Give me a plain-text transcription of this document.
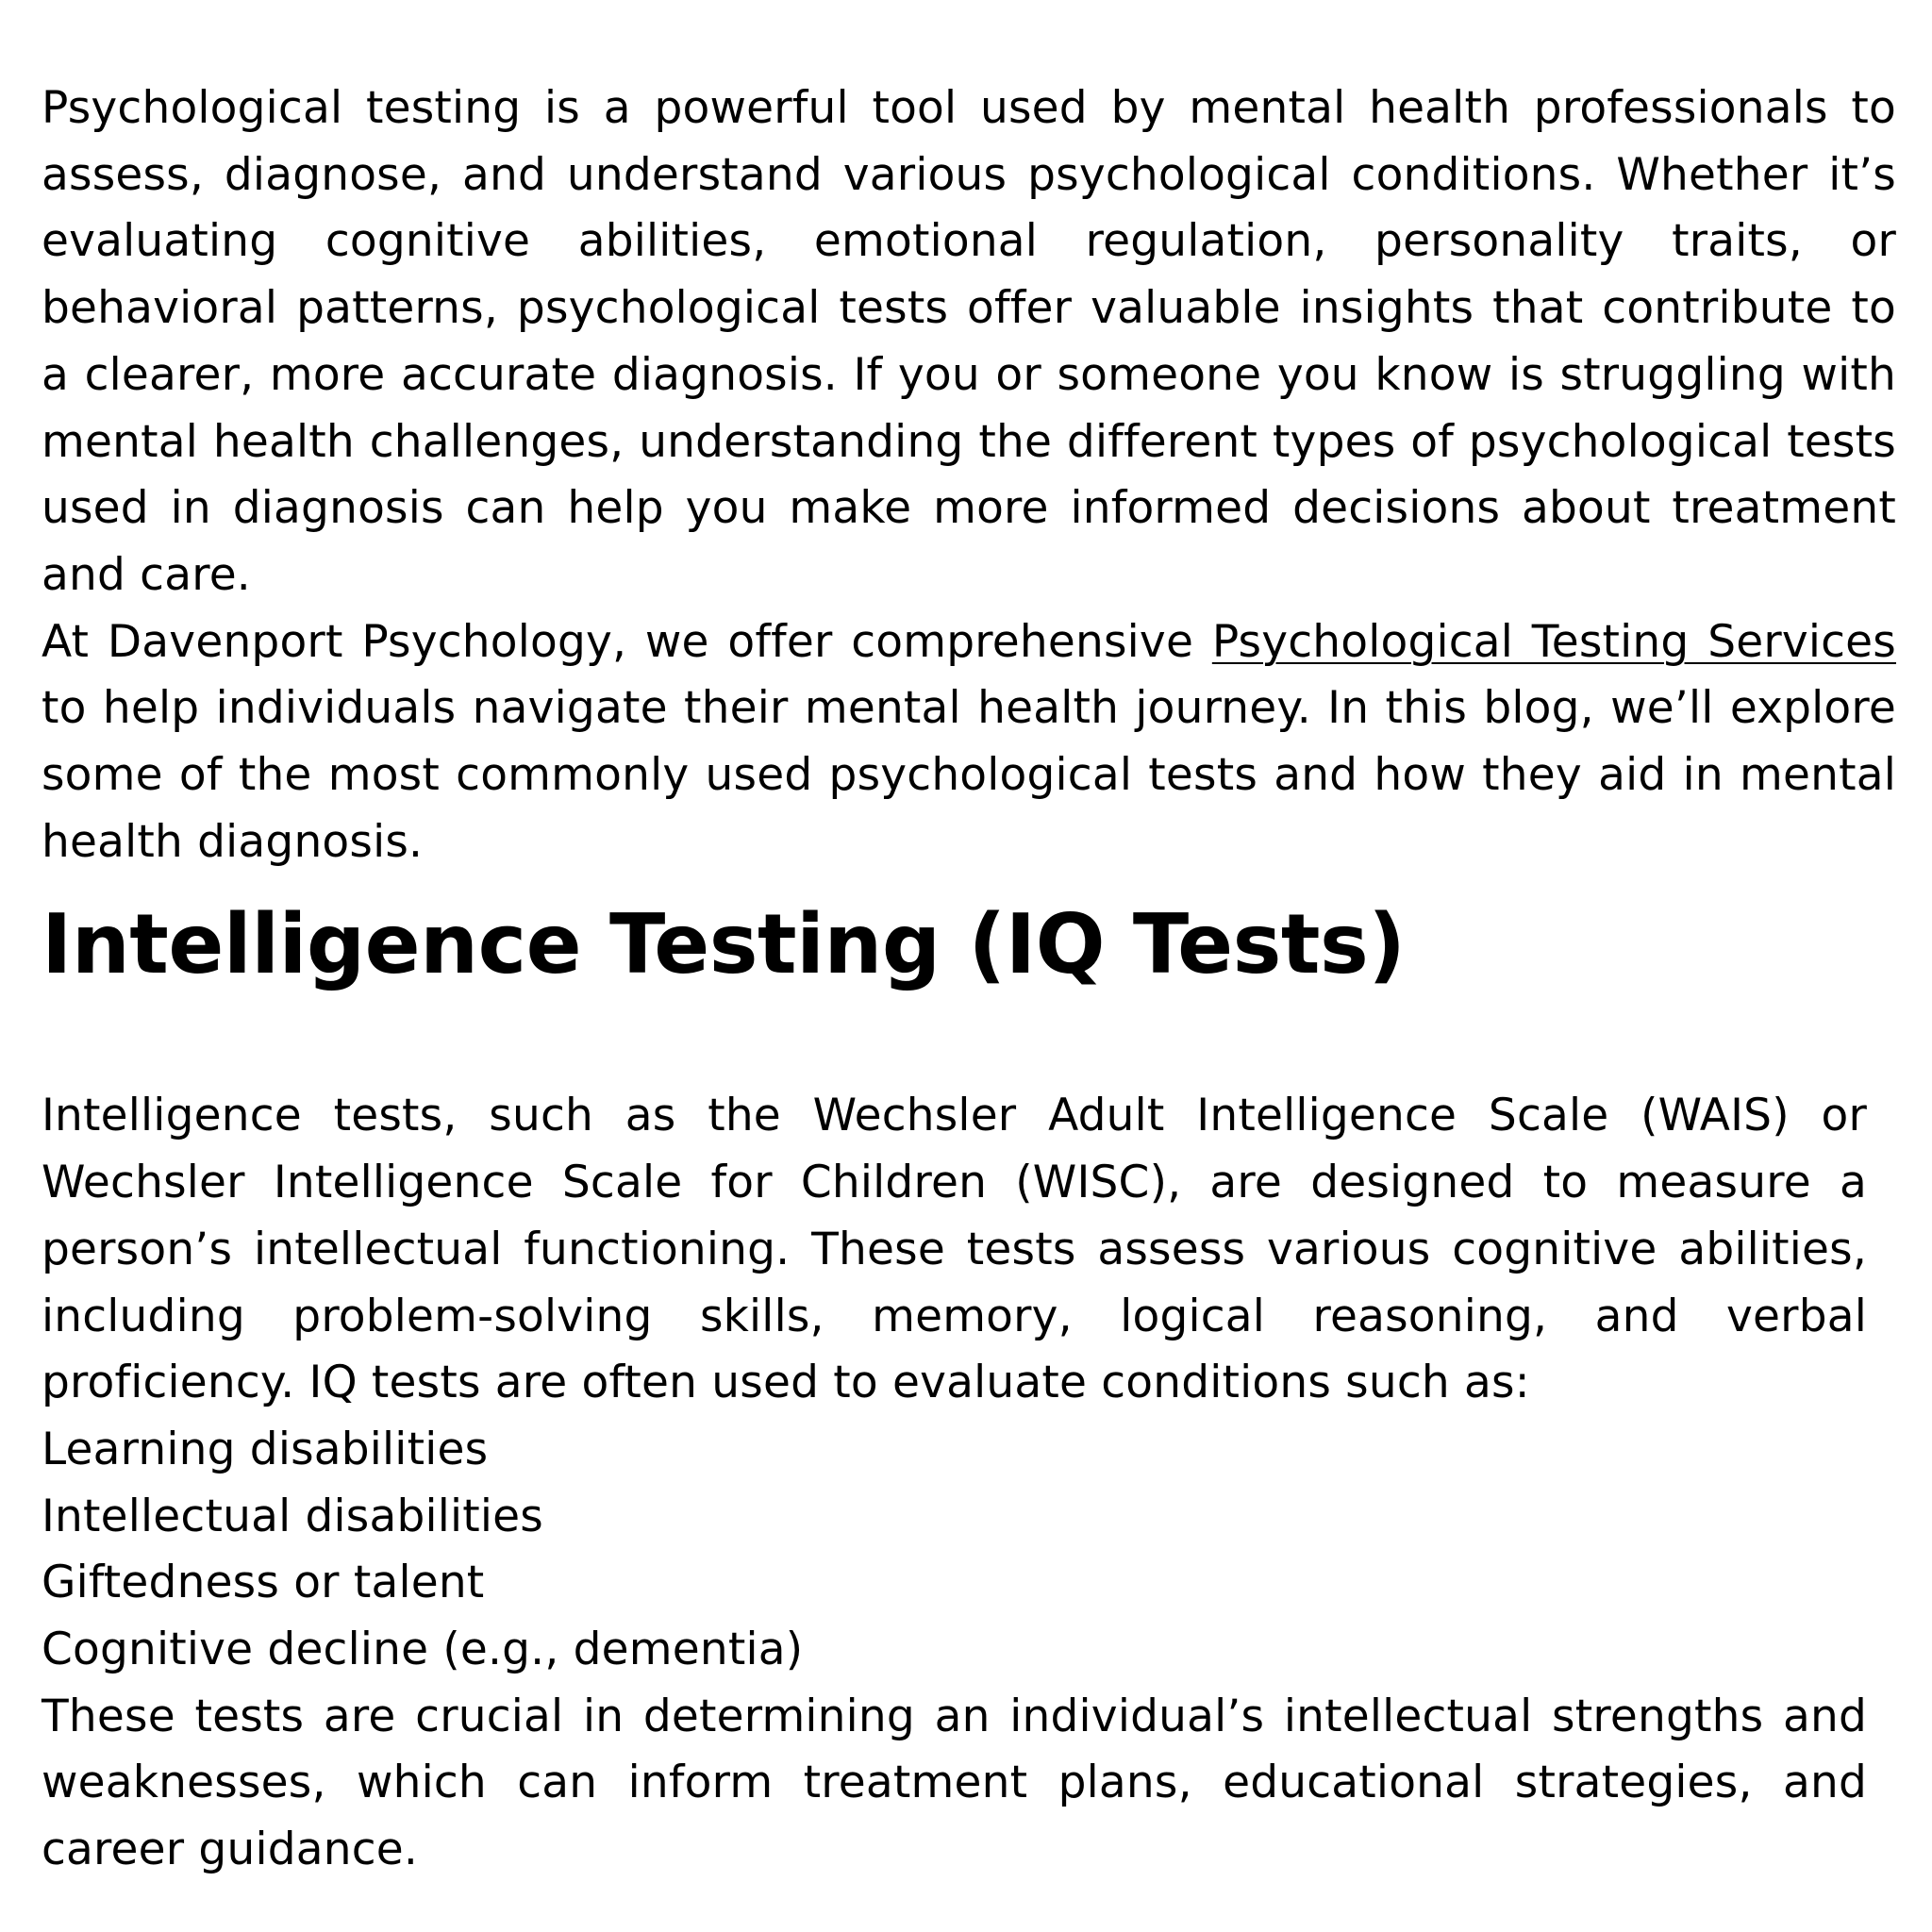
Psychological testing is a powerful tool used by mental health professionals to assess, diagnose, and understand various psychological conditions. Whether it’s evaluating cognitive abilities, emotional regulation, personality traits, or behavioral patterns, psychological tests offer valuable insights that contribute to a clearer, more accurate diagnosis. If you or someone you know is struggling with mental health challenges, understanding the different types of psychological tests used in diagnosis can help you make more informed decisions about treatment and care.

At Davenport Psychology, we offer comprehensive Psychological Testing Services to help individuals navigate their mental health journey. In this blog, we’ll explore some of the most commonly used psychological tests and how they aid in mental health diagnosis.

Intelligence Testing (IQ Tests)

Intelligence tests, such as the Wechsler Adult Intelligence Scale (WAIS) or Wechsler Intelligence Scale for Children (WISC), are designed to measure a person’s intellectual functioning. These tests assess various cognitive abilities, including problem-solving skills, memory, logical reasoning, and verbal proficiency. IQ tests are often used to evaluate conditions such as:

Learning disabilities
Intellectual disabilities
Giftedness or talent
Cognitive decline (e.g., dementia)

These tests are crucial in determining an individual’s intellectual strengths and weaknesses, which can inform treatment plans, educational strategies, and career guidance.
